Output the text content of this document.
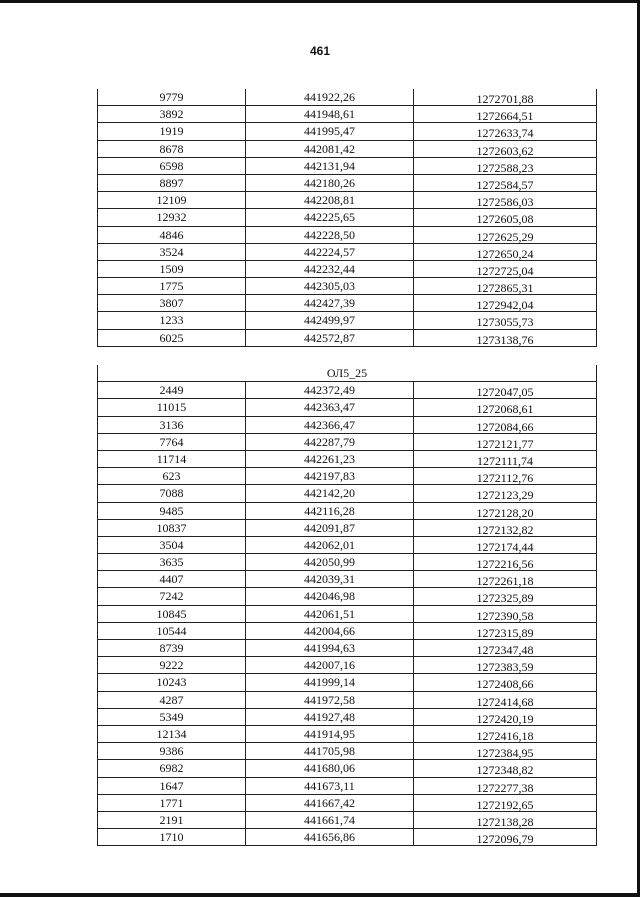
461
9779	441922,26	1272701,88
3892	441948,61	1272664,51
1919	441995,47	1272633,74
8678	442081,42	1272603,62
6598	442131,94	1272588,23
8897	442180,26	1272584,57
12109	442208,81	1272586,03
12932	442225,65	1272605,08
4846	442228,50	1272625,29
3524	442224,57	1272650,24
1509	442232,44	1272725,04
1775	442305,03	1272865,31
3807	442427,39	1272942,04
1233	442499,97	1273055,73
6025	442572,87	1273138,76
ОЛ5_25
2449	442372,49	1272047,05
11015	442363,47	1272068,61
3136	442366,47	1272084,66
7764	442287,79	1272121,77
11714	442261,23	1272111,74
623	442197,83	1272112,76
7088	442142,20	1272123,29
9485	442116,28	1272128,20
10837	442091,87	1272132,82
3504	442062,01	1272174,44
3635	442050,99	1272216,56
4407	442039,31	1272261,18
7242	442046,98	1272325,89
10845	442061,51	1272390,58
10544	442004,66	1272315,89
8739	441994,63	1272347,48
9222	442007,16	1272383,59
10243	441999,14	1272408,66
4287	441972,58	1272414,68
5349	441927,48	1272420,19
12134	441914,95	1272416,18
9386	441705,98	1272384,95
6982	441680,06	1272348,82
1647	441673,11	1272277,38
1771	441667,42	1272192,65
2191	441661,74	1272138,28
1710	441656,86	1272096,79
